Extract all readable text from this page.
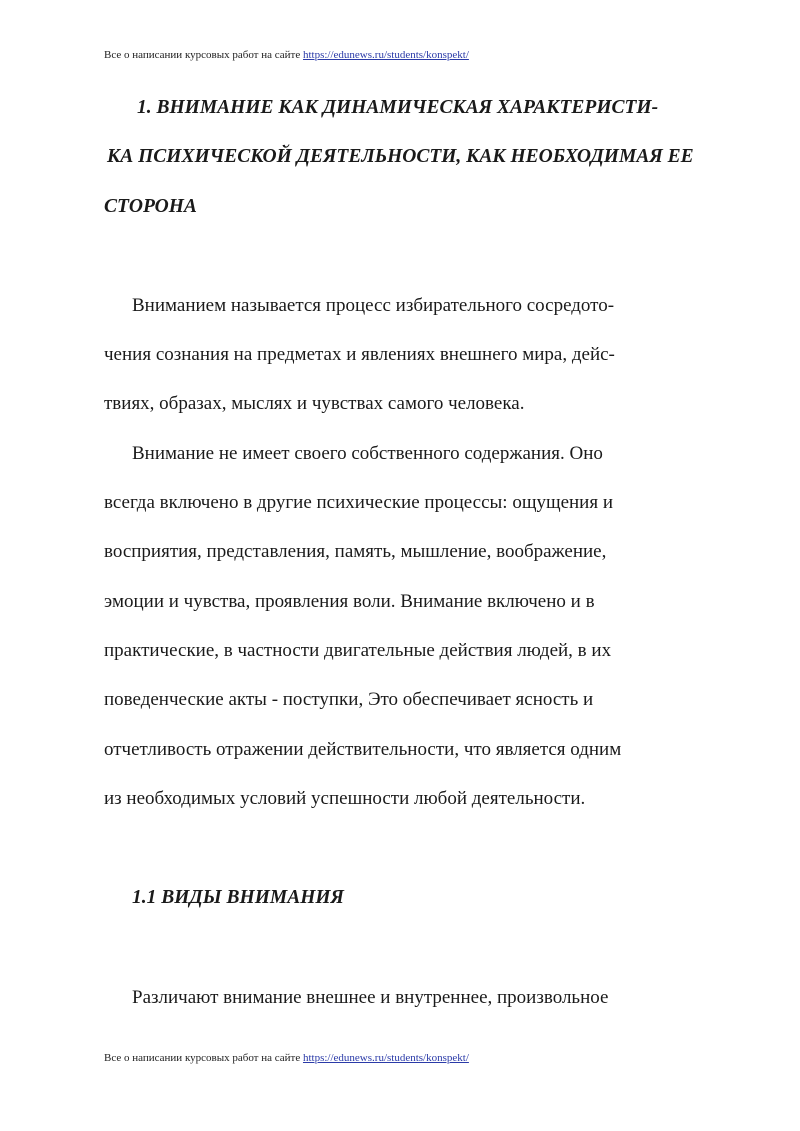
Все о написании курсовых работ на сайте https://edunews.ru/students/konspekt/
1. ВНИМАНИЕ КАК ДИНАМИЧЕСКАЯ ХАРАКТЕРИСТИ-
КА ПСИХИЧЕСКОЙ ДЕЯТЕЛЬНОСТИ, КАК НЕОБХОДИМАЯ ЕЕ
СТОРОНА
Вниманием называется процесс избирательного сосредото-
чения сознания на предметах и явлениях внешнего мира, дейс-
твиях, образах, мыслях и чувствах самого человека.
Внимание не имеет своего собственного содержания. Оно
всегда включено в другие психические процессы: ощущения и
восприятия, представления, память, мышление, воображение,
эмоции и чувства, проявления воли. Внимание включено и в
практические, в частности двигательные действия людей, в их
поведенческие акты - поступки, Это обеспечивает ясность и
отчетливость отражении действительности, что является одним
из необходимых условий успешности любой деятельности.
1.1 ВИДЫ ВНИМАНИЯ
Различают внимание внешнее и внутреннее, произвольное
Все о написании курсовых работ на сайте https://edunews.ru/students/konspekt/
